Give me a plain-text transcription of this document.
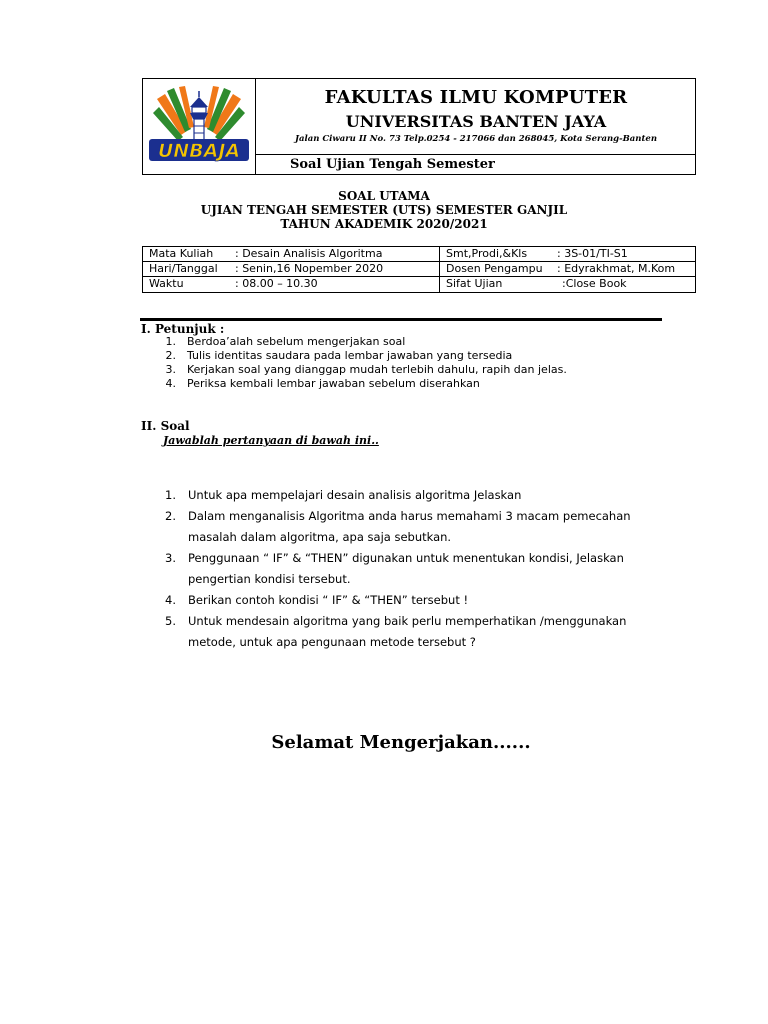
UNBAJA
FAKULTAS ILMU KOMPUTER
UNIVERSITAS BANTEN JAYA
Jalan Ciwaru II No. 73 Telp.0254 - 217066 dan 268045, Kota Serang-Banten
Soal Ujian Tengah Semester
SOAL UTAMA
UJIAN TENGAH SEMESTER (UTS) SEMESTER GANJIL
TAHUN AKADEMIK 2020/2021
Mata Kuliah : Desain Analisis Algoritma	Smt,Prodi,&Kls	: 3S-01/TI-S1
Hari/Tanggal : Senin,16 Nopember 2020	Dosen Pengampu : Edyrakhmat, M.Kom
Waktu	: 08.00 – 10.30	Sifat Ujian	:Close Book
I. Petunjuk :
1. Berdoa’alah sebelum mengerjakan soal
2. Tulis identitas saudara pada lembar jawaban yang tersedia
3. Kerjakan soal yang dianggap mudah terlebih dahulu, rapih dan jelas.
4. Periksa kembali lembar jawaban sebelum diserahkan
II. Soal
Jawablah pertanyaan di bawah ini..
1. Untuk apa mempelajari desain analisis algoritma Jelaskan
2. Dalam menganalisis Algoritma anda harus memahami 3 macam pemecahan
masalah dalam algoritma, apa saja sebutkan.
3. Penggunaan “ IF” & “THEN” digunakan untuk menentukan kondisi, Jelaskan
pengertian kondisi tersebut.
4. Berikan contoh kondisi “ IF” & “THEN” tersebut !
5. Untuk mendesain algoritma yang baik perlu memperhatikan /menggunakan
metode, untuk apa pengunaan metode tersebut ?
Selamat Mengerjakan......
